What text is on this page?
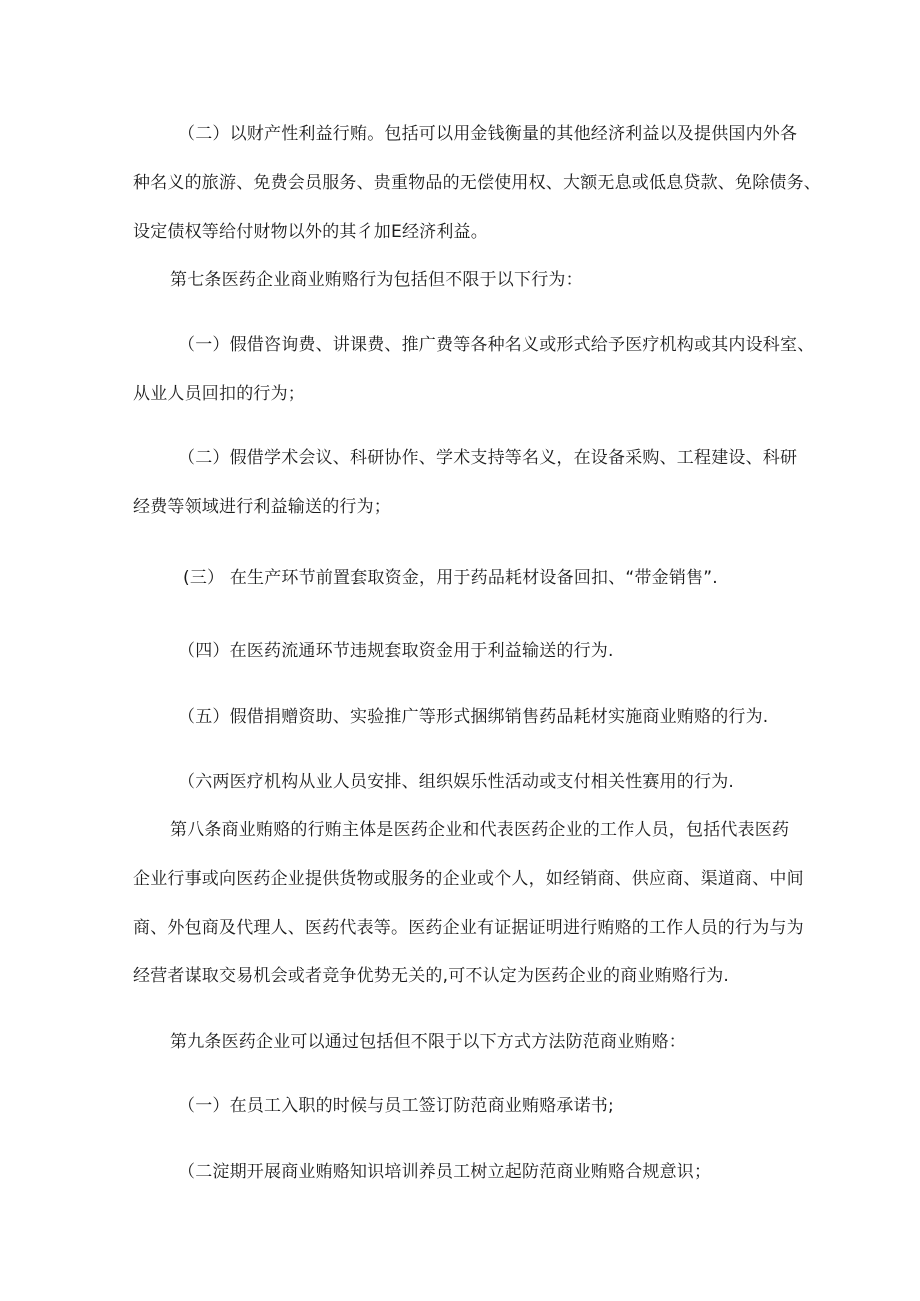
（二）以财产性利益行贿。包括可以用金钱衡量的其他经济利益以及提供国内外各
种名义的旅游、免费会员服务、贵重物品的无偿使用权、大额无息或低息贷款、免除债务、
设定债权等给付财物以外的其彳加E经济利益。
第七条医药企业商业贿赂行为包括但不限于以下行为：
（一）假借咨询费、讲课费、推广费等各种名义或形式给予医疗机构或其内设科室、
从业人员回扣的行为；
（二）假借学术会议、科研协作、学术支持等名义，在设备采购、工程建设、科研
经费等领域进行利益输送的行为；
(三） 在生产环节前置套取资金，用于药品耗材设备回扣、“带金销售”.
（四）在医药流通环节违规套取资金用于利益输送的行为.
（五）假借捐赠资助、实验推广等形式捆绑销售药品耗材实施商业贿赂的行为.
（六两医疗机构从业人员安排、组织娱乐性活动或支付相关性赛用的行为.
第八条商业贿赂的行贿主体是医药企业和代表医药企业的工作人员，包括代表医药
企业行事或向医药企业提供货物或服务的企业或个人，如经销商、供应商、渠道商、中间
商、外包商及代理人、医药代表等。医药企业有证据证明进行贿赂的工作人员的行为与为
经营者谋取交易机会或者竞争优势无关的,可不认定为医药企业的商业贿赂行为.
第九条医药企业可以通过包括但不限于以下方式方法防范商业贿赂：
（一）在员工入职的时候与员工签订防范商业贿赂承诺书;
（二淀期开展商业贿赂知识培训养员工树立起防范商业贿赂合规意识；
